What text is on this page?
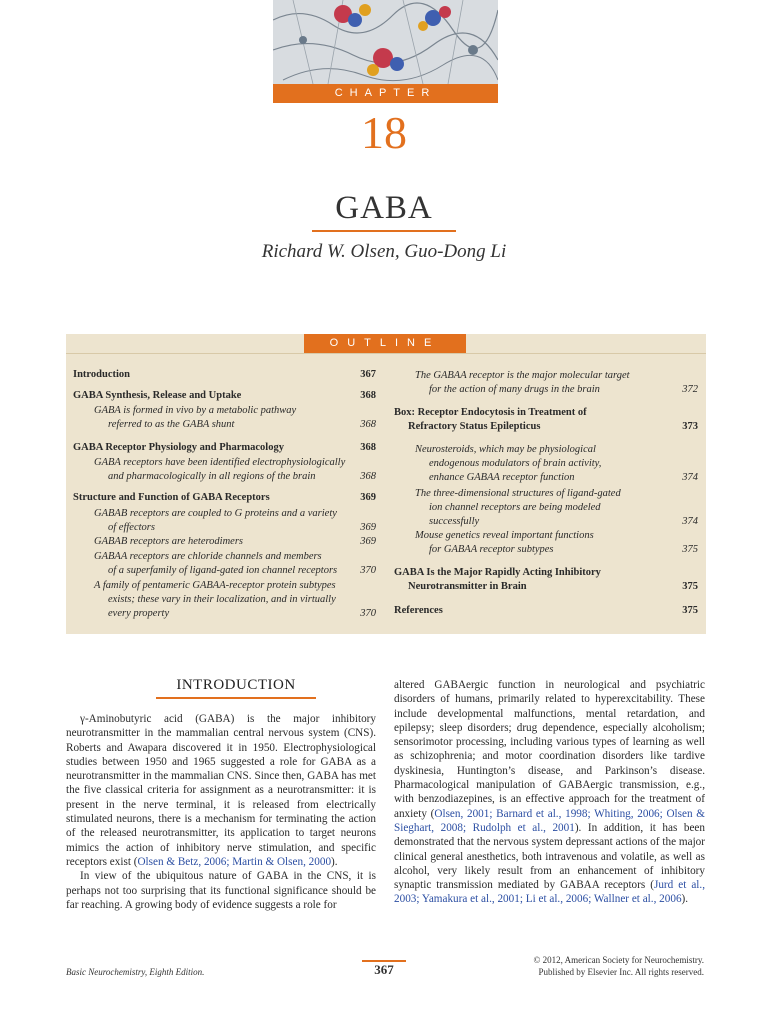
CHAPTER
18
GABA
Richard W. Olsen, Guo-Dong Li
OUTLINE
Introduction	367
GABA Synthesis, Release and Uptake	368
GABA is formed in vivo by a metabolic pathway
referred to as the GABA shunt	368
GABA Receptor Physiology and Pharmacology	368
GABA receptors have been identified electrophysiologically
and pharmacologically in all regions of the brain	368
Structure and Function of GABA Receptors	369
GABAB receptors are coupled to G proteins and a variety
of effectors	369
GABAB receptors are heterodimers	369
GABAA receptors are chloride channels and members
of a superfamily of ligand-gated ion channel receptors	370
A family of pentameric GABAA-receptor protein subtypes
exists; these vary in their localization, and in virtually
every property	370
The GABAA receptor is the major molecular target
for the action of many drugs in the brain	372
Box: Receptor Endocytosis in Treatment of
Refractory Status Epilepticus	373
Neurosteroids, which may be physiological
endogenous modulators of brain activity,
enhance GABAA receptor function	374
The three-dimensional structures of ligand-gated
ion channel receptors are being modeled
successfully	374
Mouse genetics reveal important functions
for GABAA receptor subtypes	375
GABA Is the Major Rapidly Acting Inhibitory
Neurotransmitter in Brain	375
References	375
INTRODUCTION

γ-Aminobutyric acid (GABA) is the major inhibitory neurotransmitter in the mammalian central nervous system (CNS). Roberts and Awapara discovered it in 1950. Electrophysiological studies between 1950 and 1965 suggested a role for GABA as a neurotransmitter in the mammalian CNS. Since then, GABA has met the five classical criteria for assignment as a neurotransmitter: it is present in the nerve terminal, it is released from electrically stimulated neurons, there is a mechanism for terminating the action of the released neurotransmitter, its application to target neurons mimics the action of inhibitory nerve stimulation, and specific receptors exist (Olsen & Betz, 2006; Martin & Olsen, 2000).

In view of the ubiquitous nature of GABA in the CNS, it is perhaps not too surprising that its functional significance should be far reaching. A growing body of evidence suggests a role for

altered GABAergic function in neurological and psychiatric disorders of humans, primarily related to hyperexcitability. These include developmental malfunctions, mental retardation, and epilepsy; sleep disorders; drug dependence, especially alcoholism; sensorimotor processing, including various types of learning as well as schizophrenia; and motor coordination disorders like tardive dyskinesia, Huntington’s disease, and Parkinson’s disease. Pharmacological manipulation of GABAergic transmission, e.g., with benzodiazepines, is an effective approach for the treatment of anxiety (Olsen, 2001; Barnard et al., 1998; Whiting, 2006; Olsen & Sieghart, 2008; Rudolph et al., 2001). In addition, it has been demonstrated that the nervous system depressant actions of the major clinical general anesthetics, both intravenous and volatile, as well as alcohol, very likely result from an enhancement of inhibitory synaptic transmission mediated by GABAA receptors (Jurd et al., 2003; Yamakura et al., 2001; Li et al., 2006; Wallner et al., 2006).

Basic Neurochemistry, Eighth Edition.	367
© 2012, American Society for Neurochemistry.
Published by Elsevier Inc. All rights reserved.
